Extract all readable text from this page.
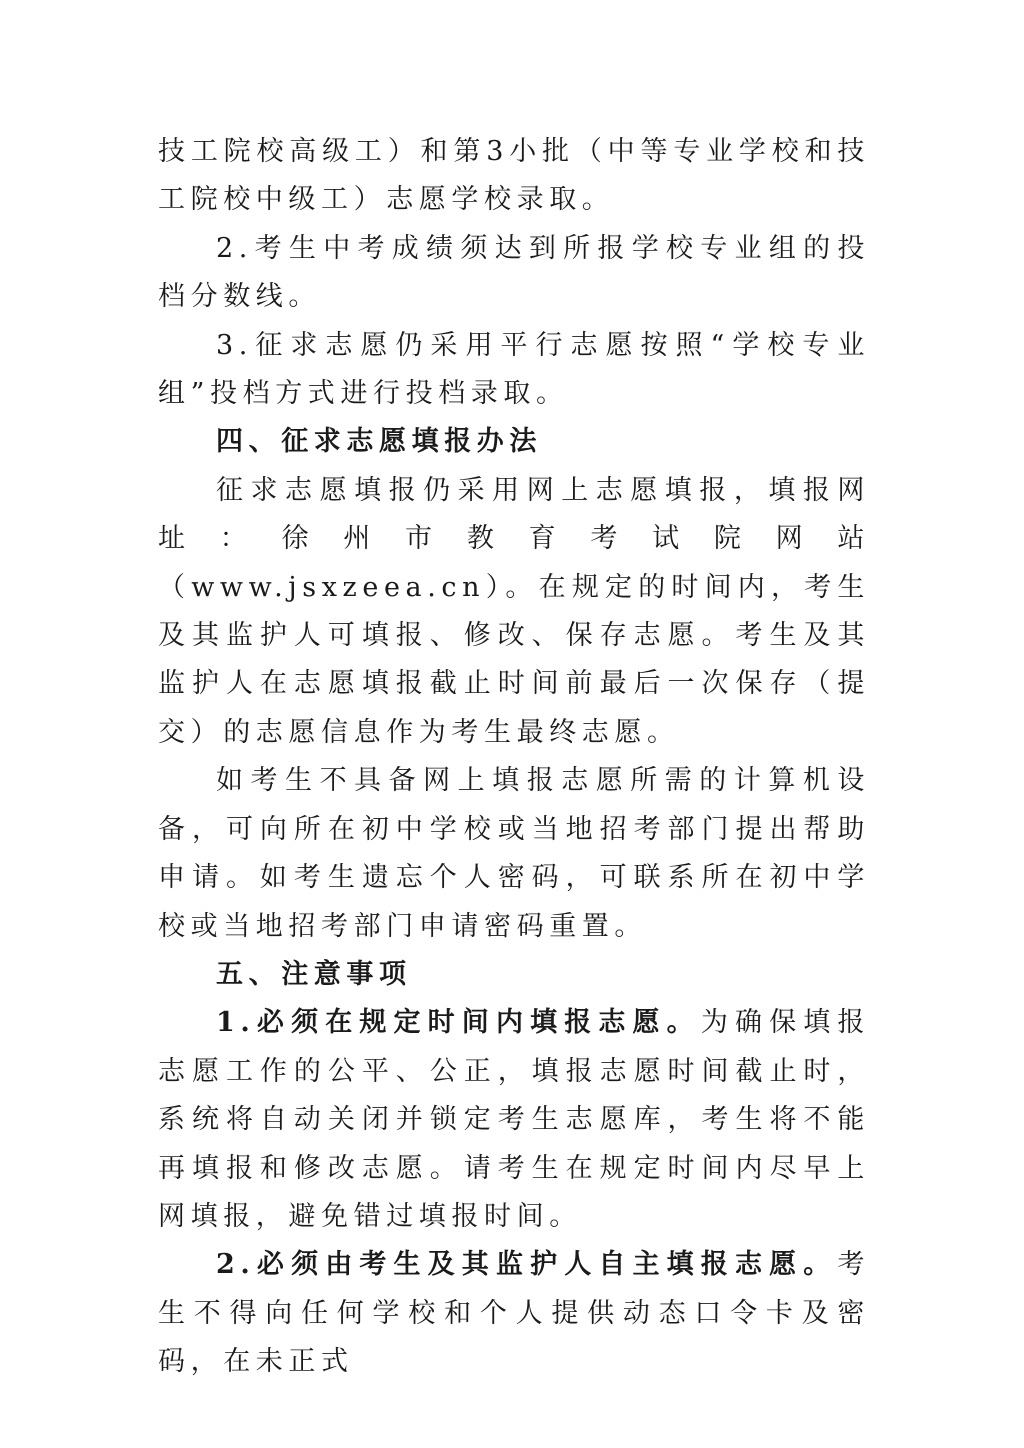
技工院校高级工）和第3小批（中等专业学校和技工院校中级工）志愿学校录取。

2.考生中考成绩须达到所报学校专业组的投档分数线。

3.征求志愿仍采用平行志愿按照“学校专业组”投档方式进行投档录取。

四、征求志愿填报办法

征求志愿填报仍采用网上志愿填报，填报网址：徐州市教育考试院网站（www.jsxzeea.cn）。在规定的时间内，考生及其监护人可填报、修改、保存志愿。考生及其监护人在志愿填报截止时间前最后一次保存（提交）的志愿信息作为考生最终志愿。

如考生不具备网上填报志愿所需的计算机设备，可向所在初中学校或当地招考部门提出帮助申请。如考生遗忘个人密码，可联系所在初中学校或当地招考部门申请密码重置。

五、注意事项

1.必须在规定时间内填报志愿。为确保填报志愿工作的公平、公正，填报志愿时间截止时，系统将自动关闭并锁定考生志愿库，考生将不能再填报和修改志愿。请考生在规定时间内尽早上网填报，避免错过填报时间。

2.必须由考生及其监护人自主填报志愿。考生不得向任何学校和个人提供动态口令卡及密码，在未正式
